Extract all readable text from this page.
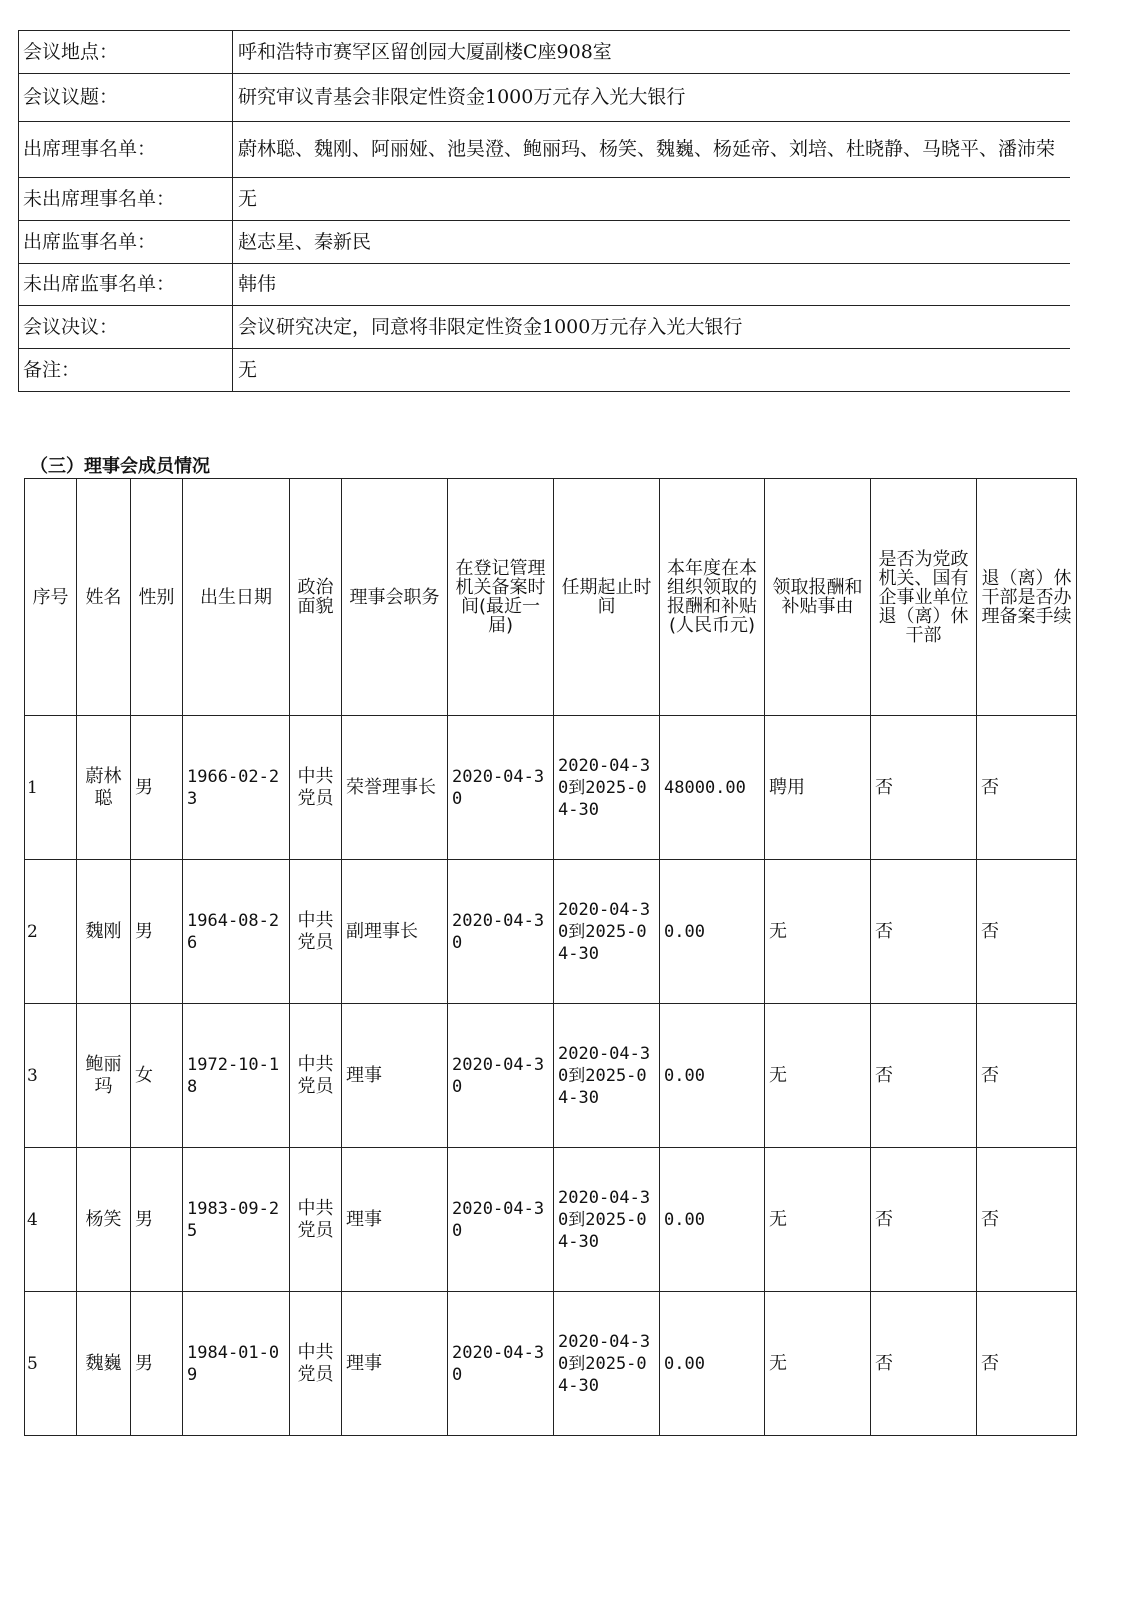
会议地点：	呼和浩特市赛罕区留创园大厦副楼C座908室
会议议题：	研究审议青基会非限定性资金1000万元存入光大银行
出席理事名单：	蔚林聪、魏刚、阿丽娅、池昊澄、鲍丽玛、杨笑、魏巍、杨延帝、刘培、杜晓静、马晓平、潘沛荣
未出席理事名单：	无
出席监事名单：	赵志星、秦新民
未出席监事名单：	韩伟
会议决议：	会议研究决定，同意将非限定性资金1000万元存入光大银行
备注：	无
（三）理事会成员情况
序号	姓名	性别	出生日期	政治面貌	理事会职务	在登记管理机关备案时间(最近一届)	任期起止时间	本年度在本组织领取的报酬和补贴(人民币元)	领取报酬和补贴事由	是否为党政机关、国有企事业单位退（离）休干部	退（离）休干部是否办理备案手续
1	蔚林聪	男	1966-02-23	中共党员	荣誉理事长	2020-04-30	2020-04-30到2025-04-30	48000.00	聘用	否	否
2	魏刚	男	1964-08-26	中共党员	副理事长	2020-04-30	2020-04-30到2025-04-30	0.00	无	否	否
3	鲍丽玛	女	1972-10-18	中共党员	理事	2020-04-30	2020-04-30到2025-04-30	0.00	无	否	否
4	杨笑	男	1983-09-25	中共党员	理事	2020-04-30	2020-04-30到2025-04-30	0.00	无	否	否
5	魏巍	男	1984-01-09	中共党员	理事	2020-04-30	2020-04-30到2025-04-30	0.00	无	否	否
